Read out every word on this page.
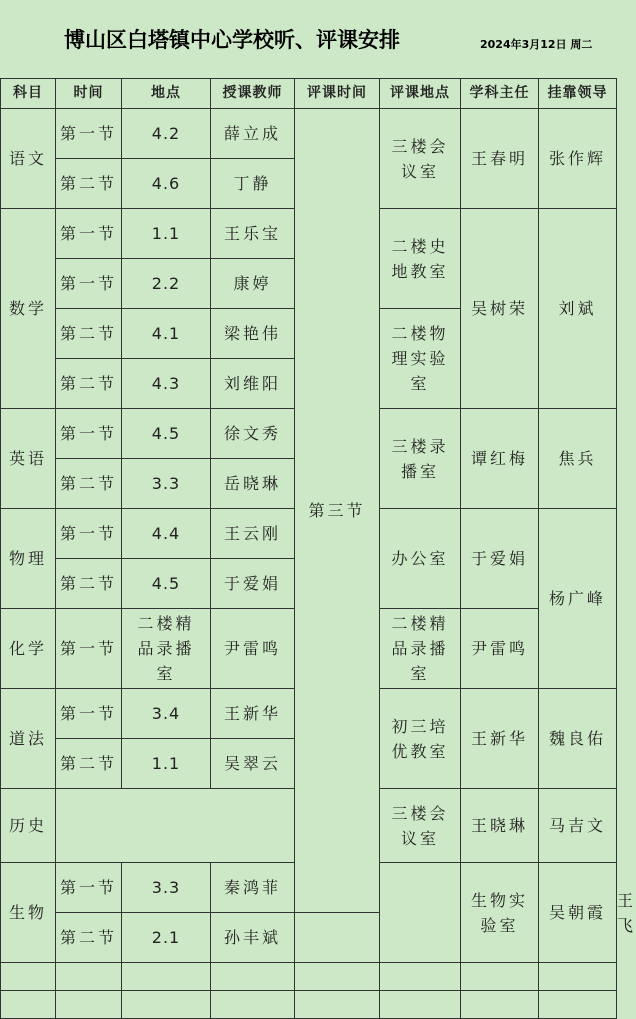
博山区白塔镇中心学校听、评课安排	2024年3月12日 周二
科目	时间	地点	授课教师	评课时间	评课地点	学科主任	挂靠领导	
语文	第一节	4.2	薛立成	第三节	三楼会议室	王春明	张作辉	
	第二节	4.6	丁静					
数学	第一节	1.1	王乐宝		二楼史地教室	吴树荣	刘斌	
	第一节	2.2	康婷					
	第二节	4.1	梁艳伟		二楼物理实验室			
	第二节	4.3	刘维阳					
英语	第一节	4.5	徐文秀		三楼录播室	谭红梅	焦兵	
	第二节	3.3	岳晓琳					
物理	第一节	4.4	王云刚		办公室	于爱娟	杨广峰	
	第二节	4.5	于爱娟					
化学	第一节	二楼精品录播室	尹雷鸣		二楼精品录播室	尹雷鸣		
道法	第一节	3.4	王新华		初三培优教室	王新华	魏良佑	
	第二节	1.1	吴翠云					
历史					三楼会议室	王晓琳	马吉文	
生物	第一节	3.3	秦鸿菲			生物实验室	吴朝霞	王飞
	第二节	2.1	孙丰斌					
